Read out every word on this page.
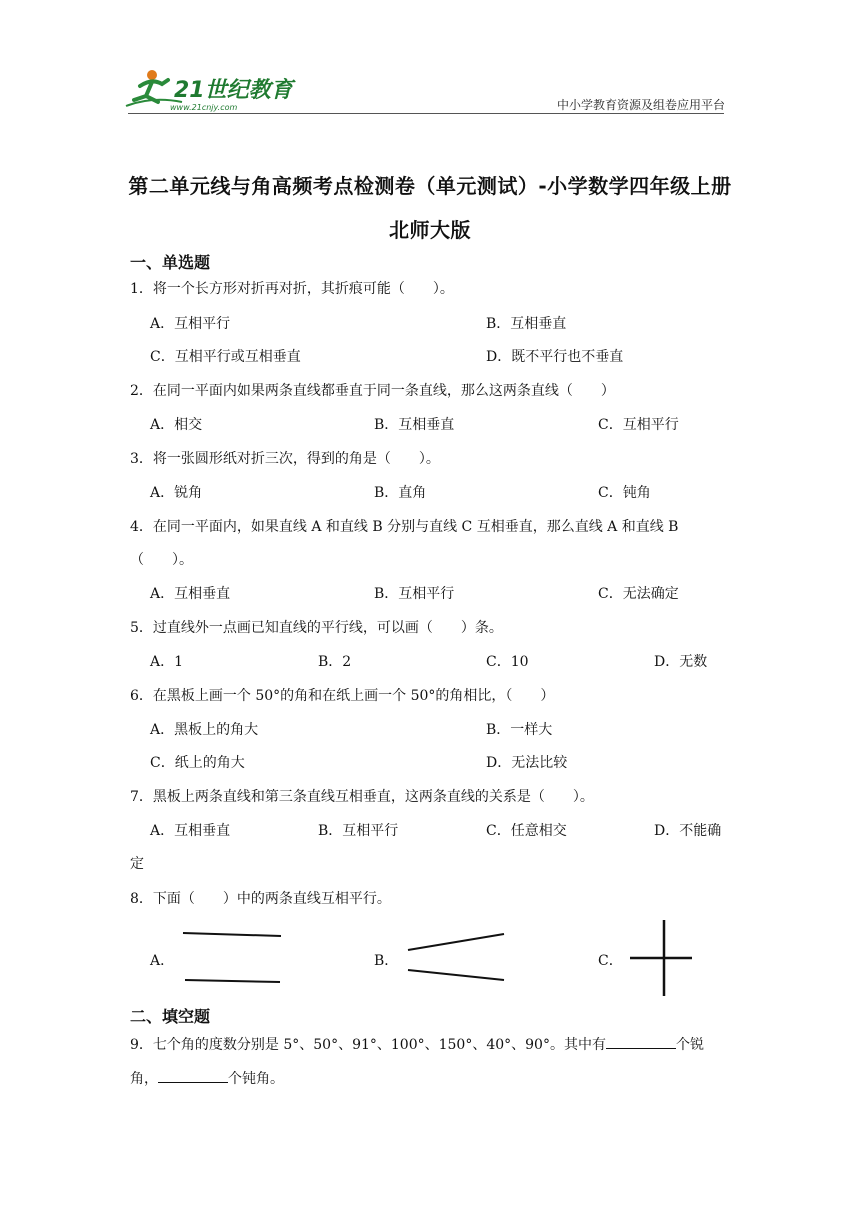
21世纪教育
www.21cnjy.com	中小学教育资源及组卷应用平台
第二单元线与角高频考点检测卷（单元测试）-小学数学四年级上册
北师大版
一、单选题
1．将一个长方形对折再对折，其折痕可能（　　）。
A．互相平行	B．互相垂直
C．互相平行或互相垂直	D．既不平行也不垂直
2．在同一平面内如果两条直线都垂直于同一条直线，那么这两条直线（　　）
A．相交	B．互相垂直	C．互相平行
3．将一张圆形纸对折三次，得到的角是（　　）。
A．锐角	B．直角	C．钝角
4．在同一平面内，如果直线 A 和直线 B 分别与直线 C 互相垂直，那么直线 A 和直线 B
（　　）。
A．互相垂直	B．互相平行	C．无法确定
5．过直线外一点画已知直线的平行线，可以画（　　）条。
A．1	B．2	C．10	D．无数
6．在黑板上画一个 50°的角和在纸上画一个 50°的角相比，（　　）
A．黑板上的角大	B．一样大
C．纸上的角大	D．无法比较
7．黑板上两条直线和第三条直线互相垂直，这两条直线的关系是（　　）。
A．互相垂直	B．互相平行	C．任意相交	D．不能确
定
8．下面（　　）中的两条直线互相平行。
A．	B．	C．
二、填空题
9．七个角的度数分别是 5°、50°、91°、100°、150°、40°、90°。其中有	个锐
角，	个钝角。
